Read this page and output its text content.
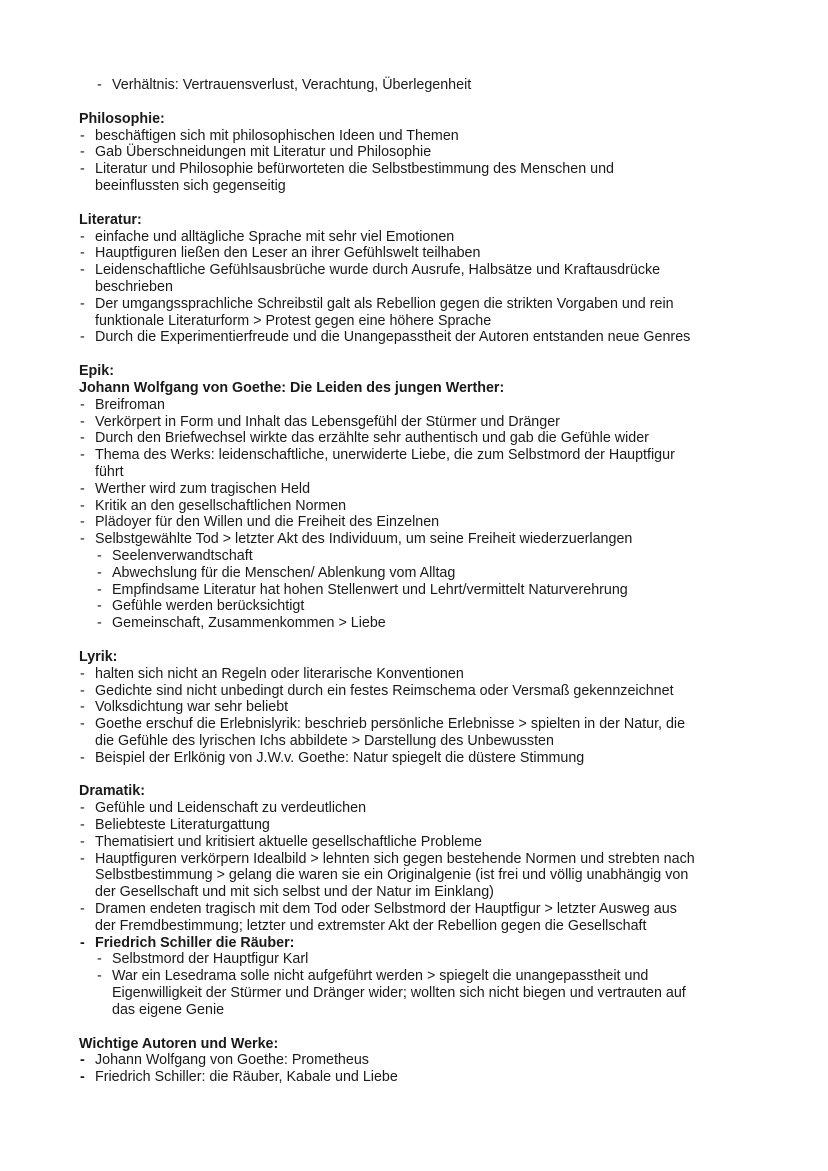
- Verhältnis: Vertrauensverlust, Verachtung, Überlegenheit
Philosophie:
- beschäftigen sich mit philosophischen Ideen und Themen
- Gab Überschneidungen mit Literatur und Philosophie
- Literatur und Philosophie befürworteten die Selbstbestimmung des Menschen und
beeinflussten sich gegenseitig
Literatur:
- einfache und alltägliche Sprache mit sehr viel Emotionen
- Hauptfiguren ließen den Leser an ihrer Gefühlswelt teilhaben
- Leidenschaftliche Gefühlsausbrüche wurde durch Ausrufe, Halbsätze und Kraftausdrücke
beschrieben
- Der umgangssprachliche Schreibstil galt als Rebellion gegen die strikten Vorgaben und rein
funktionale Literaturform > Protest gegen eine höhere Sprache
- Durch die Experimentierfreude und die Unangepasstheit der Autoren entstanden neue Genres
Epik:
Johann Wolfgang von Goethe: Die Leiden des jungen Werther:
- Breifroman
- Verkörpert in Form und Inhalt das Lebensgefühl der Stürmer und Dränger
- Durch den Briefwechsel wirkte das erzählte sehr authentisch und gab die Gefühle wider
- Thema des Werks: leidenschaftliche, unerwiderte Liebe, die zum Selbstmord der Hauptfigur
führt
- Werther wird zum tragischen Held
- Kritik an den gesellschaftlichen Normen
- Plädoyer für den Willen und die Freiheit des Einzelnen
- Selbstgewählte Tod > letzter Akt des Individuum, um seine Freiheit wiederzuerlangen
- Seelenverwandtschaft
- Abwechslung für die Menschen/ Ablenkung vom Alltag
- Empfindsame Literatur hat hohen Stellenwert und Lehrt/vermittelt Naturverehrung
- Gefühle werden berücksichtigt
- Gemeinschaft, Zusammenkommen > Liebe
Lyrik:
- halten sich nicht an Regeln oder literarische Konventionen
- Gedichte sind nicht unbedingt durch ein festes Reimschema oder Versmaß gekennzeichnet
- Volksdichtung war sehr beliebt
- Goethe erschuf die Erlebnislyrik: beschrieb persönliche Erlebnisse > spielten in der Natur, die
die Gefühle des lyrischen Ichs abbildete > Darstellung des Unbewussten
- Beispiel der Erlkönig von J.W.v. Goethe: Natur spiegelt die düstere Stimmung
Dramatik:
- Gefühle und Leidenschaft zu verdeutlichen
- Beliebteste Literaturgattung
- Thematisiert und kritisiert aktuelle gesellschaftliche Probleme
- Hauptfiguren verkörpern Idealbild > lehnten sich gegen bestehende Normen und strebten nach
Selbstbestimmung > gelang die waren sie ein Originalgenie (ist frei und völlig unabhängig von
der Gesellschaft und mit sich selbst und der Natur im Einklang)
- Dramen endeten tragisch mit dem Tod oder Selbstmord der Hauptfigur > letzter Ausweg aus
der Fremdbestimmung; letzter und extremster Akt der Rebellion gegen die Gesellschaft
- Friedrich Schiller die Räuber:
- Selbstmord der Hauptfigur Karl
- War ein Lesedrama solle nicht aufgeführt werden > spiegelt die unangepasstheit und
Eigenwilligkeit der Stürmer und Dränger wider; wollten sich nicht biegen und vertrauten auf
das eigene Genie
Wichtige Autoren und Werke:
- Johann Wolfgang von Goethe: Prometheus
- Friedrich Schiller: die Räuber, Kabale und Liebe
